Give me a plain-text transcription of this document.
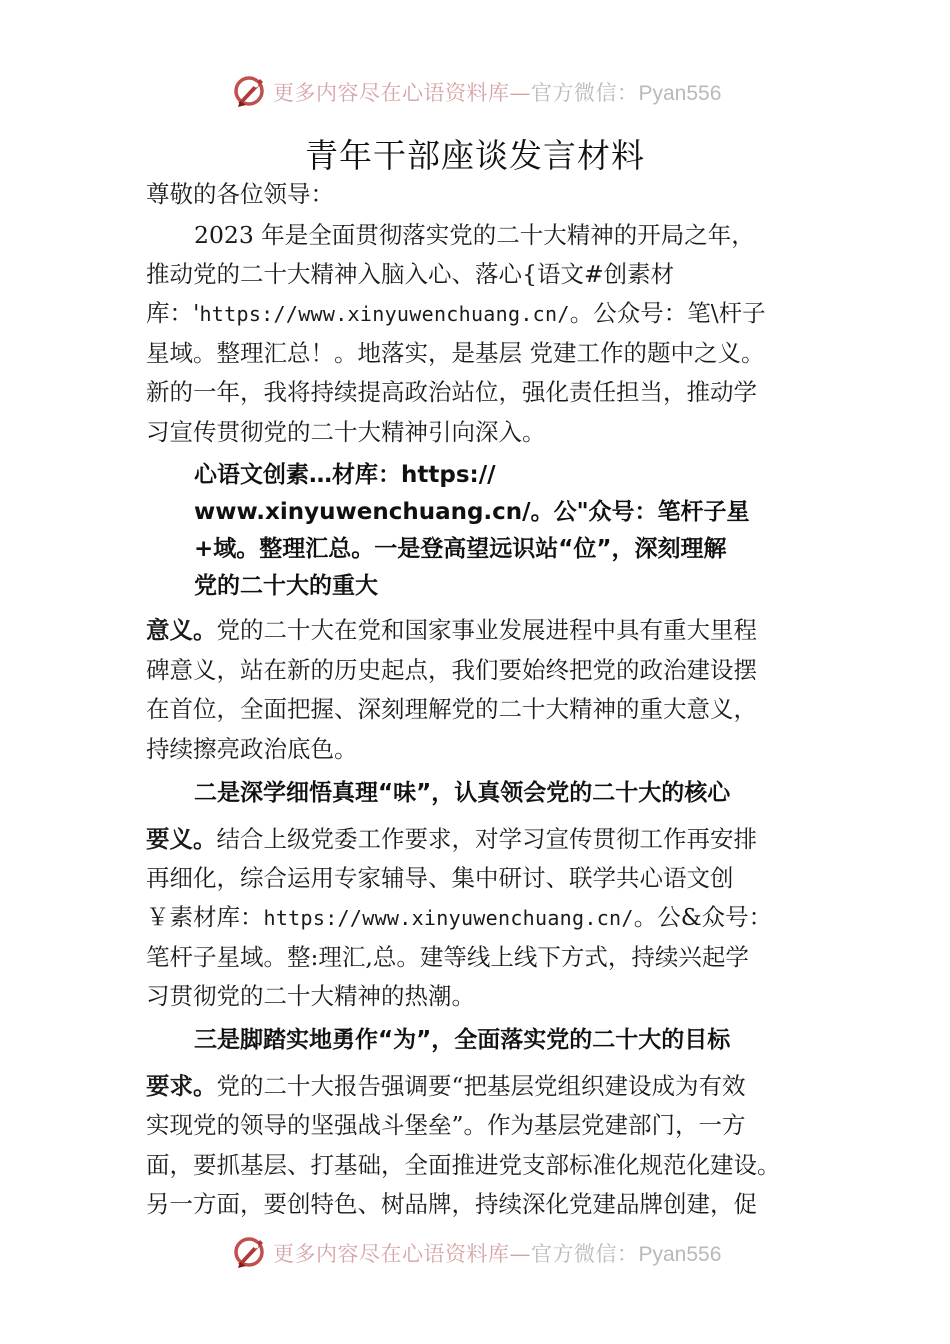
更多内容尽在心语资料库—官方微信：Pyan556
青年干部座谈发言材料
尊敬的各位领导：
2023 年是全面贯彻落实党的二十大精神的开局之年，
推动党的二十大精神入脑入心、落心{语文#创素材
库：'https://www.xinyuwenchuang.cn/。公众号：笔\杆子
星域。整理汇总！。地落实，是基层 党建工作的题中之义。
新的一年，我将持续提高政治站位，强化责任担当，推动学
习宣传贯彻党的二十大精神引向深入。
心语文创素…材库：https://
www.xinyuwenchuang.cn/。公"众号：笔杆子星
+域。整理汇总。一是登高望远识站“位”，深刻理解
党的二十大的重大
意义。党的二十大在党和国家事业发展进程中具有重大里程
碑意义，站在新的历史起点，我们要始终把党的政治建设摆
在首位，全面把握、深刻理解党的二十大精神的重大意义，
持续擦亮政治底色。
二是深学细悟真理“味”，认真领会党的二十大的核心
要义。结合上级党委工作要求，对学习宣传贯彻工作再安排
再细化，综合运用专家辅导、集中研讨、联学共心语文创
￥素材库：https://www.xinyuwenchuang.cn/。公&众号：
笔杆子星域。整:理汇,总。建等线上线下方式，持续兴起学
习贯彻党的二十大精神的热潮。
三是脚踏实地勇作“为”，全面落实党的二十大的目标
要求。党的二十大报告强调要“把基层党组织建设成为有效
实现党的领导的坚强战斗堡垒”。作为基层党建部门，一方
面，要抓基层、打基础，全面推进党支部标准化规范化建设。
另一方面，要创特色、树品牌，持续深化党建品牌创建，促
更多内容尽在心语资料库—官方微信：Pyan556
